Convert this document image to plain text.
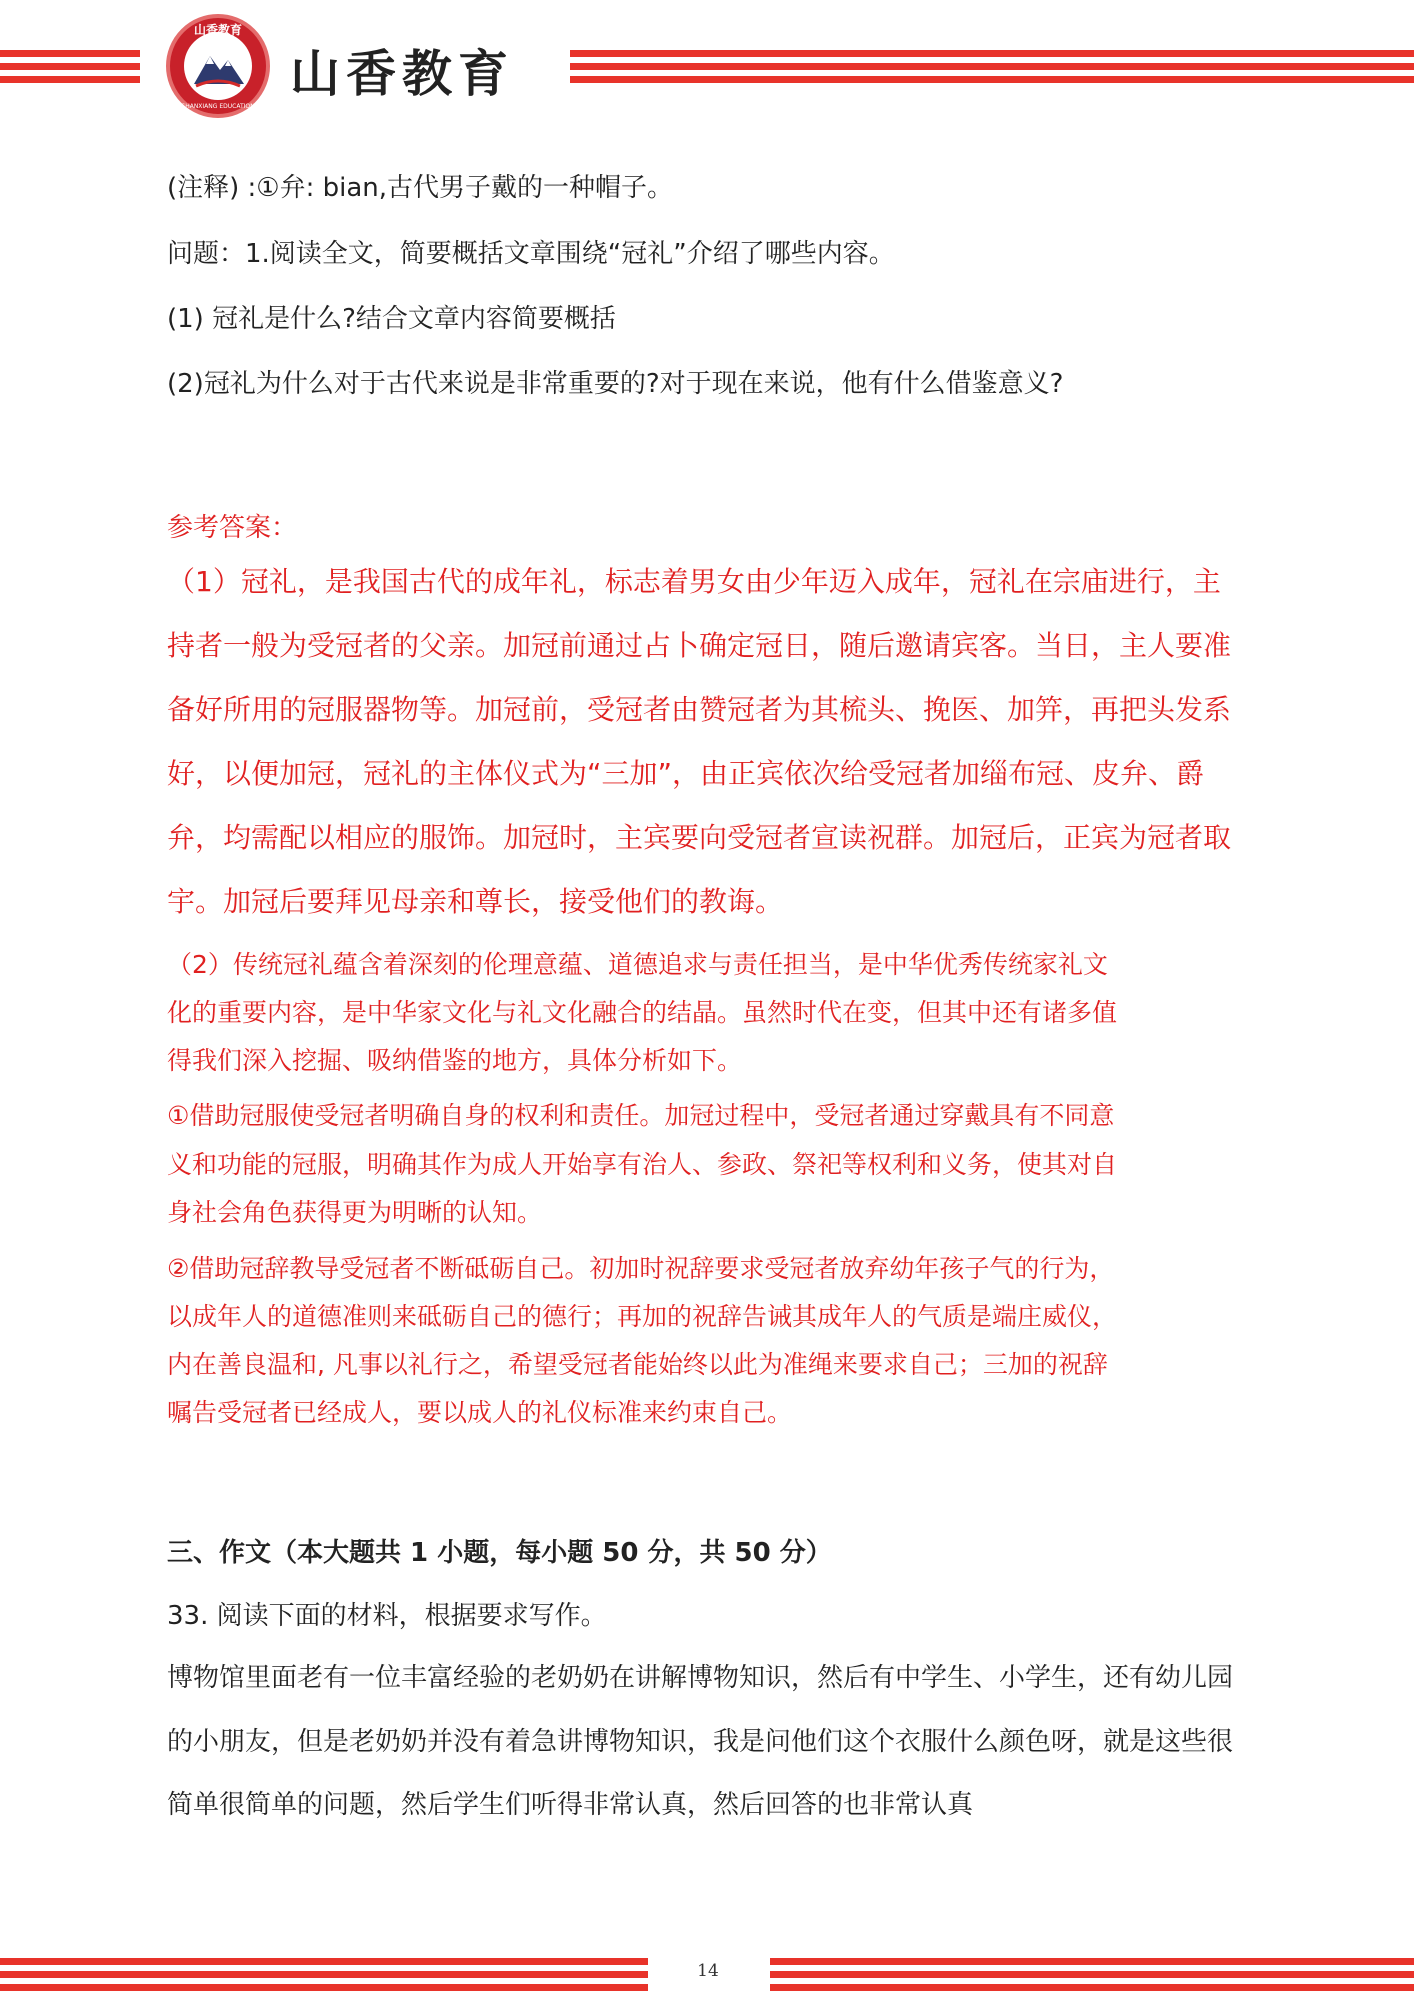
山香教育
SHANXIANG EDUCATION
山香教育

(注释) :①弁: bian,古代男子戴的一种帽子。

问题：1.阅读全文，简要概括文章围绕“冠礼”介绍了哪些内容。

(1) 冠礼是什么?结合文章内容简要概括

(2)冠礼为什么对于古代来说是非常重要的?对于现在来说，他有什么借鉴意义?

参考答案：

（1）冠礼，是我国古代的成年礼，标志着男女由少年迈入成年，冠礼在宗庙进行，主

持者一般为受冠者的父亲。加冠前通过占卜确定冠日，随后邀请宾客。当日，主人要准

备好所用的冠服器物等。加冠前，受冠者由赞冠者为其梳头、挽医、加笄，再把头发系

好，以便加冠，冠礼的主体仪式为“三加”，由正宾依次给受冠者加缁布冠、皮弁、爵

弁，均需配以相应的服饰。加冠时，主宾要向受冠者宣读祝群。加冠后，正宾为冠者取

宇。加冠后要拜见母亲和尊长，接受他们的教诲。

（2）传统冠礼蕴含着深刻的伦理意蕴、道德追求与责任担当，是中华优秀传统家礼文

化的重要内容，是中华家文化与礼文化融合的结晶。虽然时代在变，但其中还有诸多值

得我们深入挖掘、吸纳借鉴的地方，具体分析如下。

①借助冠服使受冠者明确自身的权利和责任。加冠过程中，受冠者通过穿戴具有不同意

义和功能的冠服，明确其作为成人开始享有治人、参政、祭祀等权利和义务，使其对自

身社会角色获得更为明晰的认知。

②借助冠辞教导受冠者不断砥砺自己。初加时祝辞要求受冠者放弃幼年孩子气的行为，

以成年人的道德准则来砥砺自己的德行；再加的祝辞告诫其成年人的气质是端庄威仪，

内在善良温和, 凡事以礼行之，希望受冠者能始终以此为准绳来要求自己；三加的祝辞

嘱告受冠者已经成人，要以成人的礼仪标准来约束自己。

三、作文（本大题共 1 小题，每小题 50 分，共 50 分）

33. 阅读下面的材料，根据要求写作。

博物馆里面老有一位丰富经验的老奶奶在讲解博物知识，然后有中学生、小学生，还有幼儿园

的小朋友，但是老奶奶并没有着急讲博物知识，我是问他们这个衣服什么颜色呀，就是这些很

简单很简单的问题，然后学生们听得非常认真，然后回答的也非常认真

14
